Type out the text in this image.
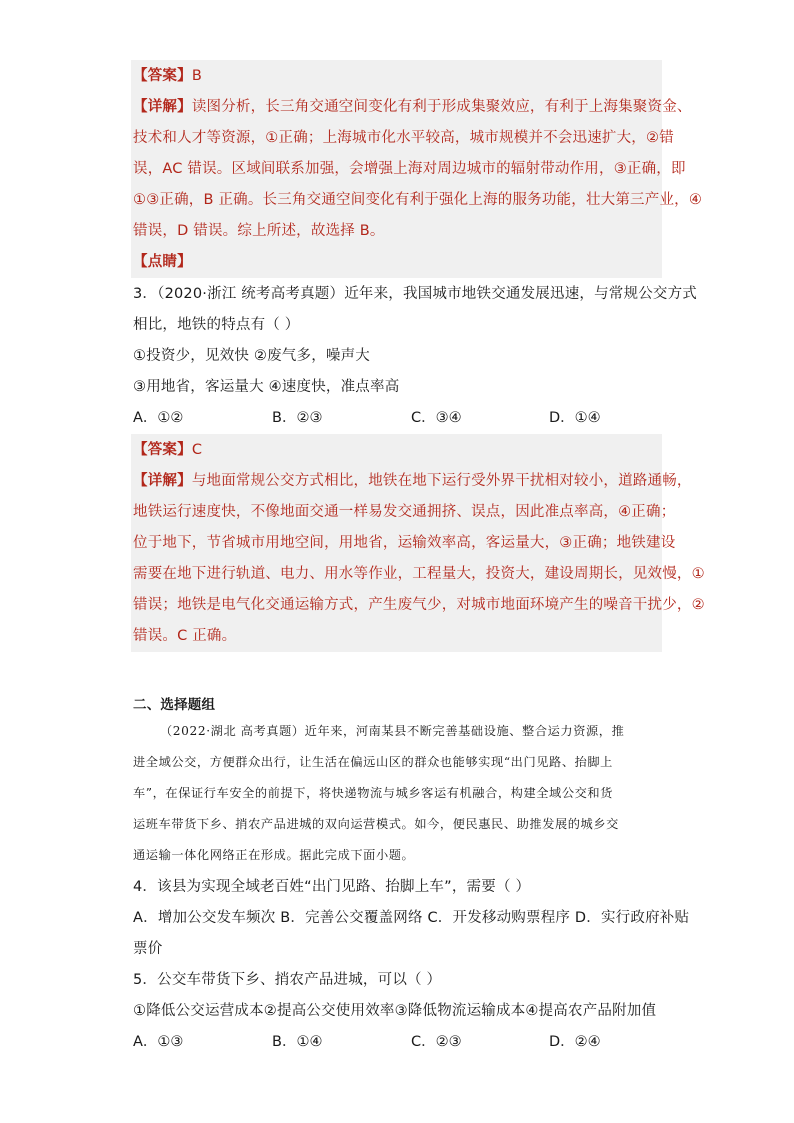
【答案】B
【详解】读图分析，长三角交通空间变化有利于形成集聚效应，有利于上海集聚资金、
技术和人才等资源，①正确；上海城市化水平较高，城市规模并不会迅速扩大，②错
误，AC 错误。区域间联系加强，会增强上海对周边城市的辐射带动作用，③正确，即
①③正确，B 正确。长三角交通空间变化有利于强化上海的服务功能，壮大第三产业，④
错误，D 错误。综上所述，故选择 B。
【点睛】
3．（2020·浙江 统考高考真题）近年来，我国城市地铁交通发展迅速，与常规公交方式
相比，地铁的特点有（ ）
①投资少，见效快 ②废气多，噪声大
③用地省，客运量大 ④速度快，准点率高
A．①②	B．②③	C．③④	D．①④
【答案】C
【详解】与地面常规公交方式相比，地铁在地下运行受外界干扰相对较小，道路通畅，
地铁运行速度快，不像地面交通一样易发交通拥挤、误点，因此准点率高，④正确；
位于地下，节省城市用地空间，用地省，运输效率高，客运量大，③正确；地铁建设
需要在地下进行轨道、电力、用水等作业，工程量大，投资大，建设周期长，见效慢，①
错误；地铁是电气化交通运输方式，产生废气少，对城市地面环境产生的噪音干扰少，②
错误。C 正确。
二、选择题组
（2022·湖北 高考真题）近年来，河南某县不断完善基础设施、整合运力资源，推
进全域公交，方便群众出行，让生活在偏远山区的群众也能够实现“出门见路、抬脚上
车”，在保证行车安全的前提下，将快递物流与城乡客运有机融合，构建全域公交和货
运班车带货下乡、捎农产品进城的双向运营模式。如今，便民惠民、助推发展的城乡交
通运输一体化网络正在形成。据此完成下面小题。
4．该县为实现全域老百姓“出门见路、抬脚上车”，需要（ ）
A．增加公交发车频次 B．完善公交覆盖网络 C．开发移动购票程序 D．实行政府补贴
票价
5．公交车带货下乡、捎农产品进城，可以（ ）
①降低公交运营成本②提高公交使用效率③降低物流运输成本④提高农产品附加值
A．①③	B．①④	C．②③	D．②④
